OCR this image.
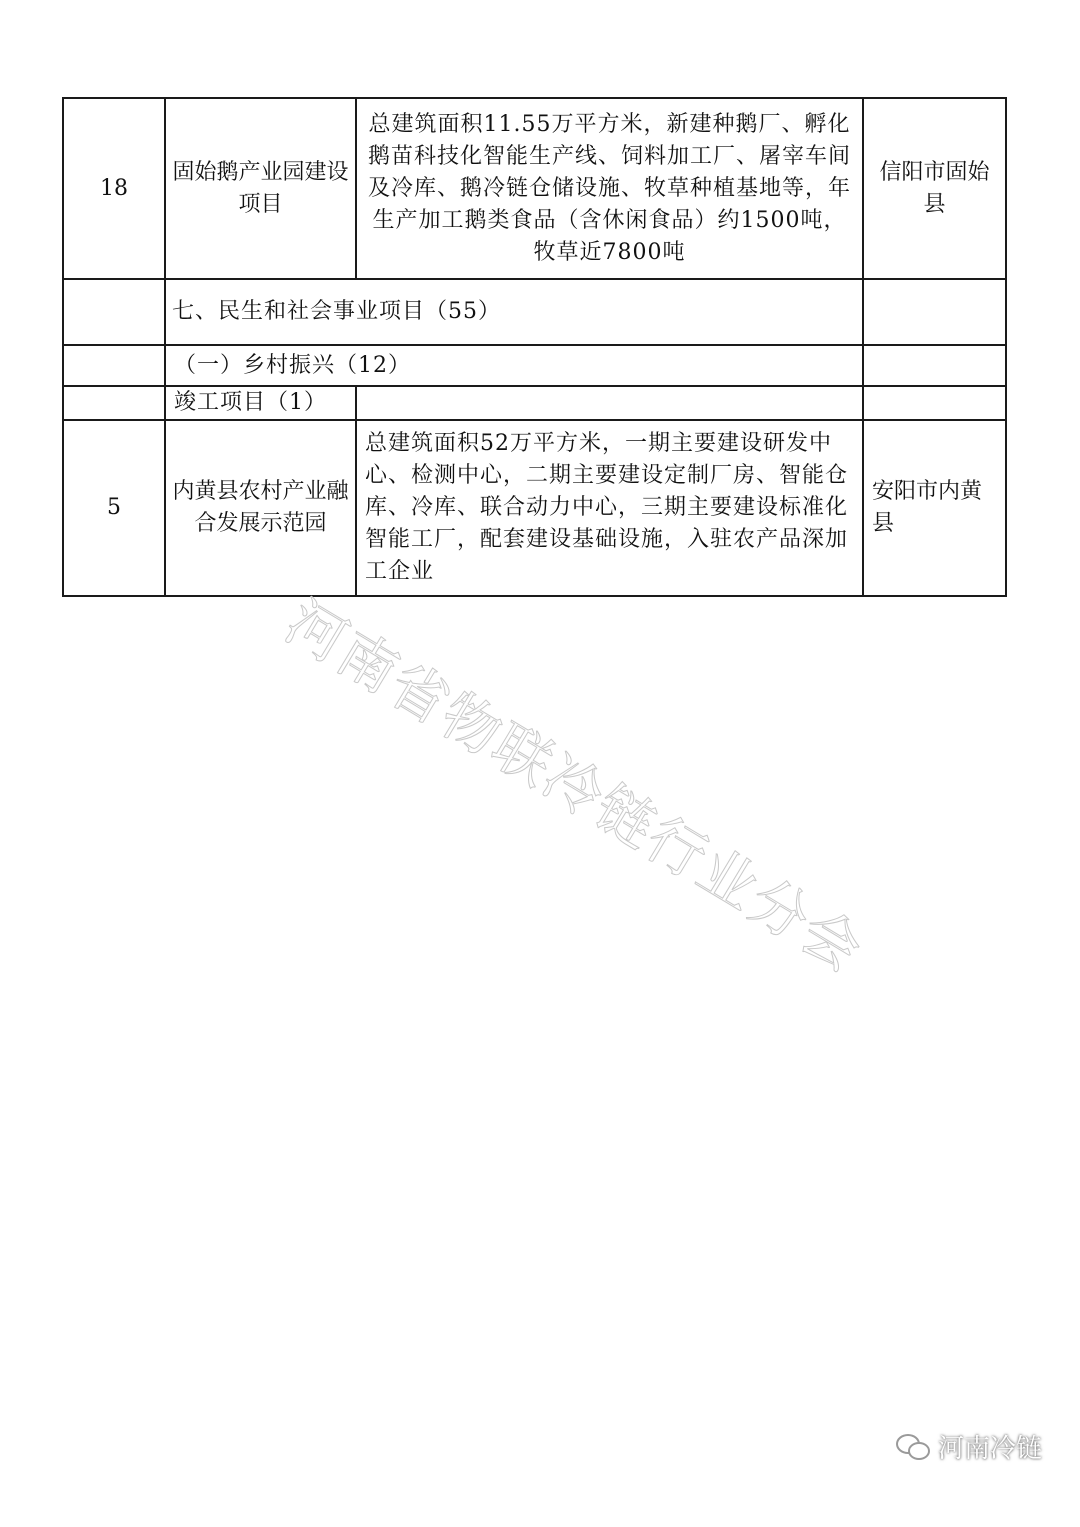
18	固始鹅产业园建设项目	总建筑面积11.55万平方米，新建种鹅厂、孵化鹅苗科技化智能生产线、饲料加工厂、屠宰车间及冷库、鹅冷链仓储设施、牧草种植基地等，年生产加工鹅类食品（含休闲食品）约1500吨，牧草近7800吨	信阳市固始县
	七、民生和社会事业项目（55）		
	（一）乡村振兴（12）		
	竣工项目（1）		
5	内黄县农村产业融合发展示范园	总建筑面积52万平方米，一期主要建设研发中心、检测中心，二期主要建设定制厂房、智能仓库、冷库、联合动力中心，三期主要建设标准化智能工厂，配套建设基础设施，入驻农产品深加工企业	安阳市内黄县
河南省物联冷链行业分会
河南冷链
